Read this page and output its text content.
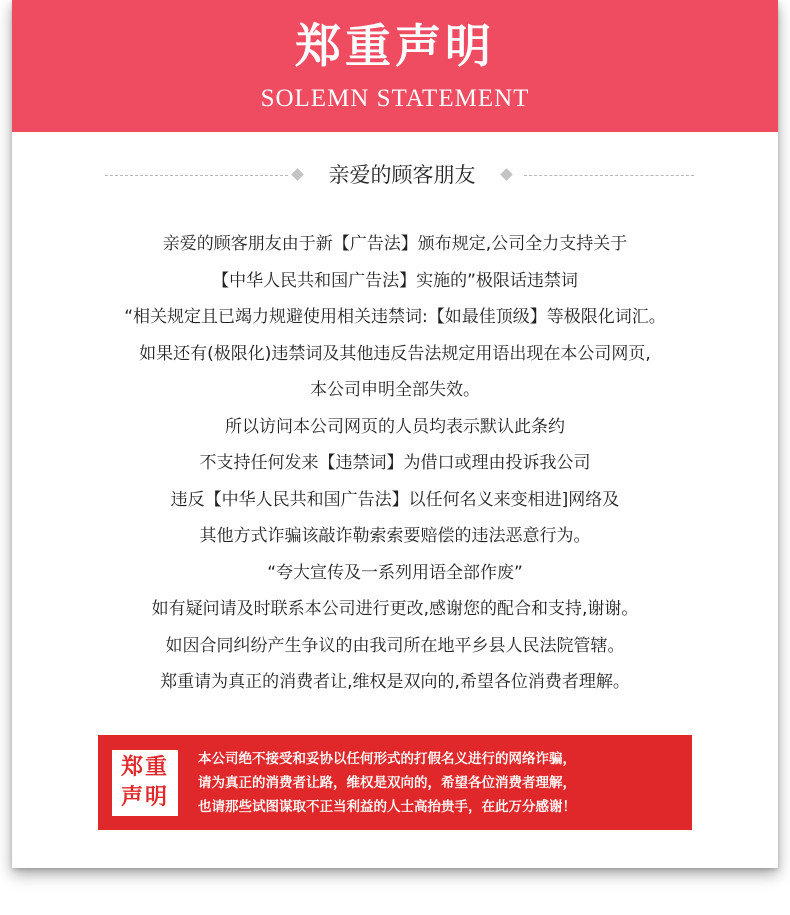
郑重声明
SOLEMN STATEMENT
亲爱的顾客朋友
亲爱的顾客朋友由于新【广告法】颁布规定,公司全力支持关于
【中华人民共和国广告法】实施的”极限话违禁词
“相关规定且已竭力规避使用相关违禁词:【如最佳顶级】等极限化词汇。
如果还有(极限化)违禁词及其他违反告法规定用语出现在本公司网页,
本公司申明全部失效。
所以访问本公司网页的人员均表示默认此条约
不支持任何发来【违禁词】为借口或理由投诉我公司
违反【中华人民共和国广告法】以任何名义来变相进]网络及
其他方式诈骗该敲诈勒索索要赔偿的违法恶意行为。
“夸大宣传及一系列用语全部作废”
如有疑问请及时联系本公司进行更改,感谢您的配合和支持,谢谢。
如因合同纠纷产生争议的由我司所在地平乡县人民法院管辖。
郑重请为真正的消费者让,维权是双向的,希望各位消费者理解。
郑重
声明
本公司绝不接受和妥协以任何形式的打假名义进行的网络诈骗，
请为真正的消费者让路，维权是双向的，希望各位消费者理解，
也请那些试图谋取不正当利益的人士高抬贵手，在此万分感谢！
